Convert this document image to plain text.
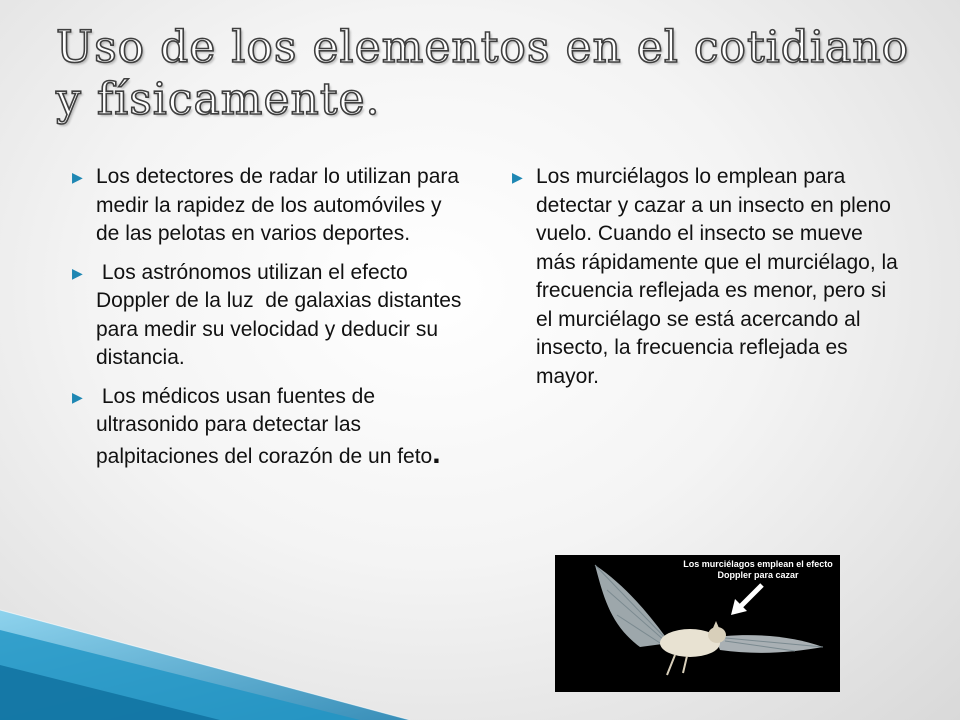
Uso de los elementos en el cotidiano y físicamente.

▶ Los detectores de radar lo utilizan para medir la rapidez de los automóviles y de las pelotas en varios deportes.

▶ Los astrónomos utilizan el efecto Doppler de la luz  de galaxias distantes para medir su velocidad y deducir su distancia.

▶ Los médicos usan fuentes de ultrasonido para detectar las palpitaciones del corazón de un feto.

▶ Los murciélagos lo emplean para detectar y cazar a un insecto en pleno vuelo. Cuando el insecto se mueve más rápidamente que el murciélago, la frecuencia reflejada es menor, pero si el murciélago se está acercando al insecto, la frecuencia reflejada es mayor.

Los murciélagos emplean el efecto Doppler para cazar
